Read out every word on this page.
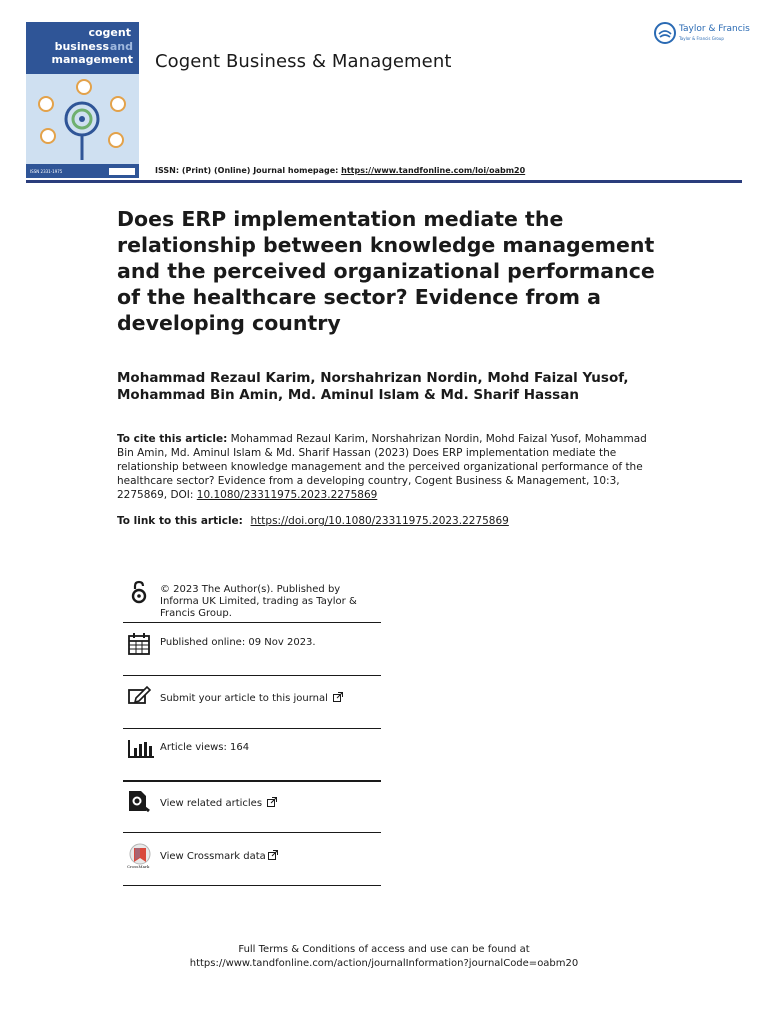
cogent
business and
management
ISSN 2331-1975
Cogent Business & Management
ISSN: (Print) (Online) Journal homepage: https://www.tandfonline.com/loi/oabm20
Taylor & Francis
Taylor & Francis Group
Does ERP implementation mediate the relationship between knowledge management and the perceived organizational performance of the healthcare sector? Evidence from a developing country
Mohammad Rezaul Karim, Norshahrizan Nordin, Mohd Faizal Yusof, Mohammad Bin Amin, Md. Aminul Islam & Md. Sharif Hassan
To cite this article: Mohammad Rezaul Karim, Norshahrizan Nordin, Mohd Faizal Yusof, Mohammad Bin Amin, Md. Aminul Islam & Md. Sharif Hassan (2023) Does ERP implementation mediate the relationship between knowledge management and the perceived organizational performance of the healthcare sector? Evidence from a developing country, Cogent Business & Management, 10:3, 2275869, DOI: 10.1080/23311975.2023.2275869
To link to this article: https://doi.org/10.1080/23311975.2023.2275869
© 2023 The Author(s). Published by Informa UK Limited, trading as Taylor & Francis Group.
Published online: 09 Nov 2023.
Submit your article to this journal
Article views: 164
View related articles
CrossMark
View Crossmark data
Full Terms & Conditions of access and use can be found at
https://www.tandfonline.com/action/journalInformation?journalCode=oabm20
